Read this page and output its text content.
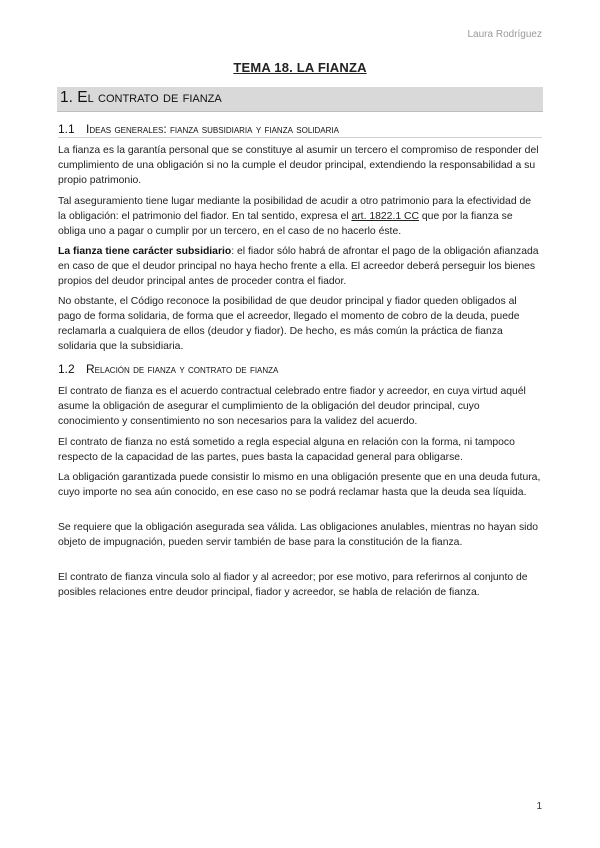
Laura Rodríguez
TEMA 18. LA FIANZA
1. El contrato de fianza
1.1 Ideas generales: fianza subsidiaria y fianza solidaria
La fianza es la garantía personal que se constituye al asumir un tercero el compromiso de responder del cumplimiento de una obligación si no la cumple el deudor principal, extendiendo la responsabilidad a su propio patrimonio.
Tal aseguramiento tiene lugar mediante la posibilidad de acudir a otro patrimonio para la efectividad de la obligación: el patrimonio del fiador. En tal sentido, expresa el art. 1822.1 CC que por la fianza se obliga uno a pagar o cumplir por un tercero, en el caso de no hacerlo éste.
La fianza tiene carácter subsidiario: el fiador sólo habrá de afrontar el pago de la obligación afianzada en caso de que el deudor principal no haya hecho frente a ella. El acreedor deberá perseguir los bienes propios del deudor principal antes de proceder contra el fiador.
No obstante, el Código reconoce la posibilidad de que deudor principal y fiador queden obligados al pago de forma solidaria, de forma que el acreedor, llegado el momento de cobro de la deuda, puede reclamarla a cualquiera de ellos (deudor y fiador). De hecho, es más común la práctica de fianza solidaria que la subsidiaria.
1.2 Relación de fianza y contrato de fianza
El contrato de fianza es el acuerdo contractual celebrado entre fiador y acreedor, en cuya virtud aquél asume la obligación de asegurar el cumplimiento de la obligación del deudor principal, cuyo conocimiento y consentimiento no son necesarios para la validez del acuerdo.
El contrato de fianza no está sometido a regla especial alguna en relación con la forma, ni tampoco respecto de la capacidad de las partes, pues basta la capacidad general para obligarse.
La obligación garantizada puede consistir lo mismo en una obligación presente que en una deuda futura, cuyo importe no sea aún conocido, en ese caso no se podrá reclamar hasta que la deuda sea líquida.
Se requiere que la obligación asegurada sea válida. Las obligaciones anulables, mientras no hayan sido objeto de impugnación, pueden servir también de base para la constitución de la fianza.
El contrato de fianza vincula solo al fiador y al acreedor; por ese motivo, para referirnos al conjunto de posibles relaciones entre deudor principal, fiador y acreedor, se habla de relación de fianza.
1
